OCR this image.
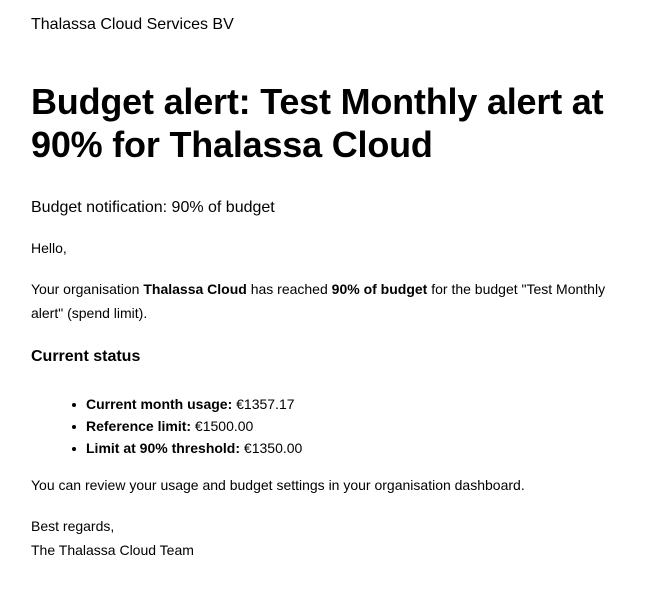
Thalassa Cloud Services BV
Budget alert: Test Monthly alert at 90% for Thalassa Cloud
Budget notification: 90% of budget
Hello,

Your organisation Thalassa Cloud has reached 90% of budget for the budget "Test Monthly alert" (spend limit).

Current status
Current month usage: €1357.17
Reference limit: €1500.00
Limit at 90% threshold: €1350.00
You can review your usage and budget settings in your organisation dashboard.
Best regards,
The Thalassa Cloud Team
